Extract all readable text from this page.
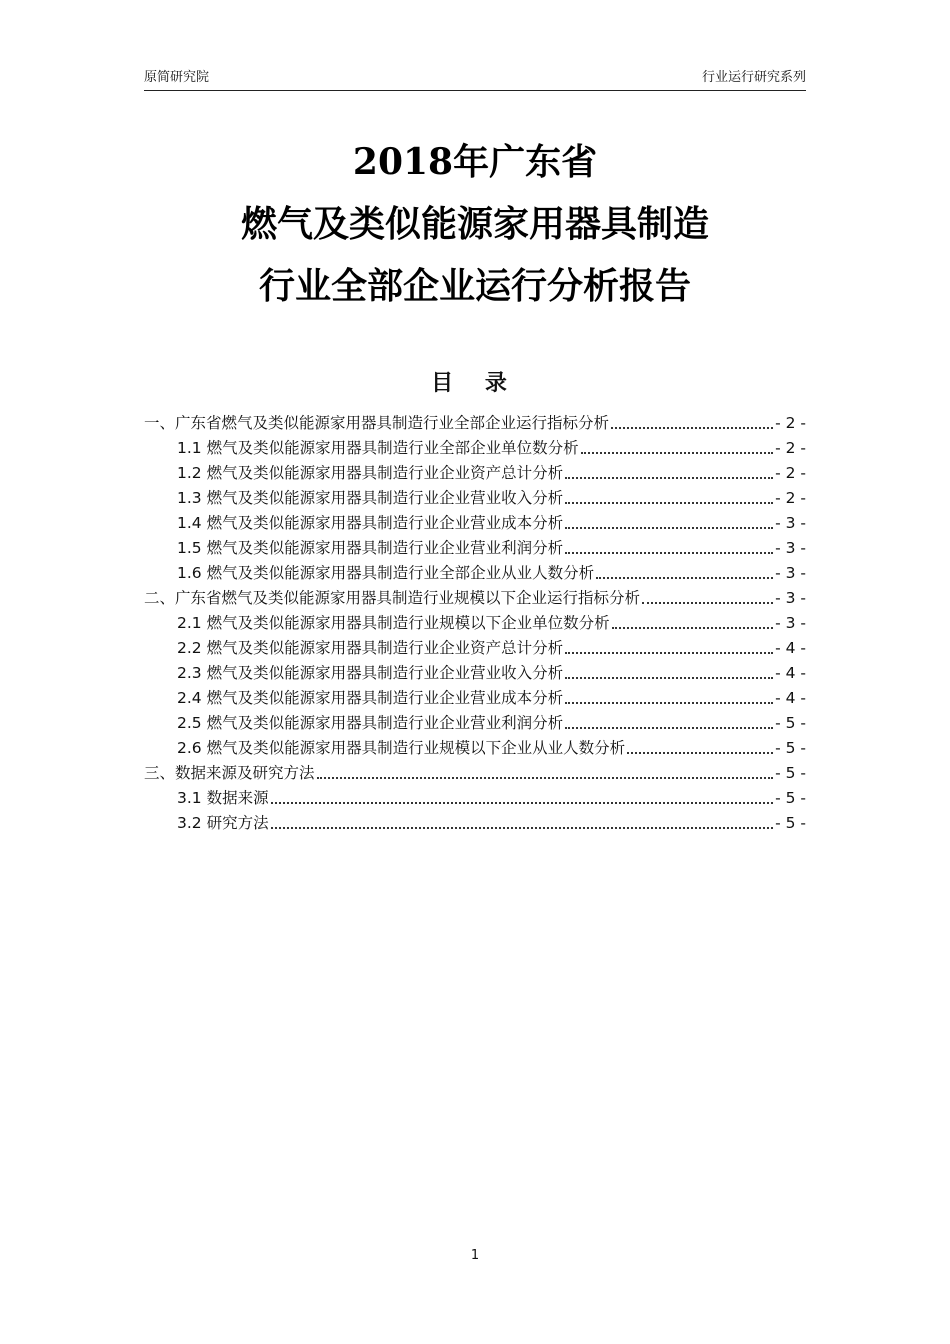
原简研究院	行业运行研究系列
2018年广东省
燃气及类似能源家用器具制造
行业全部企业运行分析报告
目 录
一、广东省燃气及类似能源家用器具制造行业全部企业运行指标分析	- 2 -
1.1 燃气及类似能源家用器具制造行业全部企业单位数分析	- 2 -
1.2 燃气及类似能源家用器具制造行业企业资产总计分析	- 2 -
1.3 燃气及类似能源家用器具制造行业企业营业收入分析	- 2 -
1.4 燃气及类似能源家用器具制造行业企业营业成本分析	- 3 -
1.5 燃气及类似能源家用器具制造行业企业营业利润分析	- 3 -
1.6 燃气及类似能源家用器具制造行业全部企业从业人数分析	- 3 -
二、广东省燃气及类似能源家用器具制造行业规模以下企业运行指标分析	- 3 -
2.1 燃气及类似能源家用器具制造行业规模以下企业单位数分析	- 3 -
2.2 燃气及类似能源家用器具制造行业企业资产总计分析	- 4 -
2.3 燃气及类似能源家用器具制造行业企业营业收入分析	- 4 -
2.4 燃气及类似能源家用器具制造行业企业营业成本分析	- 4 -
2.5 燃气及类似能源家用器具制造行业企业营业利润分析	- 5 -
2.6 燃气及类似能源家用器具制造行业规模以下企业从业人数分析	- 5 -
三、数据来源及研究方法	- 5 -
3.1 数据来源	- 5 -
3.2 研究方法	- 5 -
1
